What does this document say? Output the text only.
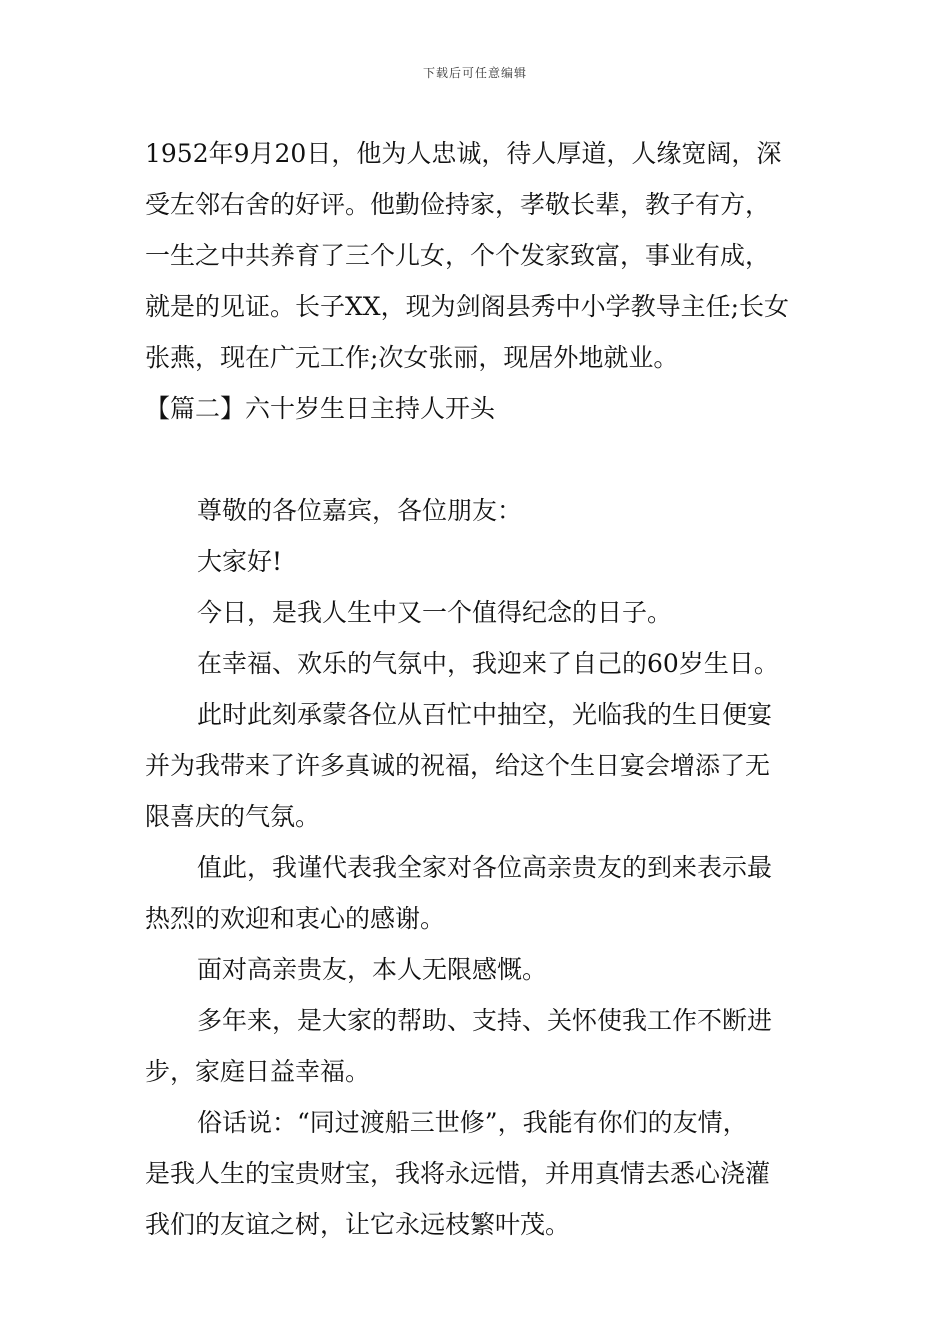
下载后可任意编辑
1952年9月20日，他为人忠诚，待人厚道，人缘宽阔，深
受左邻右舍的好评。他勤俭持家，孝敬长辈，教子有方，
一生之中共养育了三个儿女，个个发家致富，事业有成，
就是的见证。长子XX，现为剑阁县秀中小学教导主任;长女
张燕，现在广元工作;次女张丽，现居外地就业。
【篇二】六十岁生日主持人开头
尊敬的各位嘉宾，各位朋友：
大家好!
今日，是我人生中又一个值得纪念的日子。
在幸福、欢乐的气氛中，我迎来了自己的60岁生日。
此时此刻承蒙各位从百忙中抽空，光临我的生日便宴
并为我带来了许多真诚的祝福，给这个生日宴会增添了无
限喜庆的气氛。
值此，我谨代表我全家对各位高亲贵友的到来表示最
热烈的欢迎和衷心的感谢。
面对高亲贵友，本人无限感慨。
多年来，是大家的帮助、支持、关怀使我工作不断进
步，家庭日益幸福。
俗话说：“同过渡船三世修”，我能有你们的友情，
是我人生的宝贵财宝，我将永远惜，并用真情去悉心浇灌
我们的友谊之树，让它永远枝繁叶茂。
